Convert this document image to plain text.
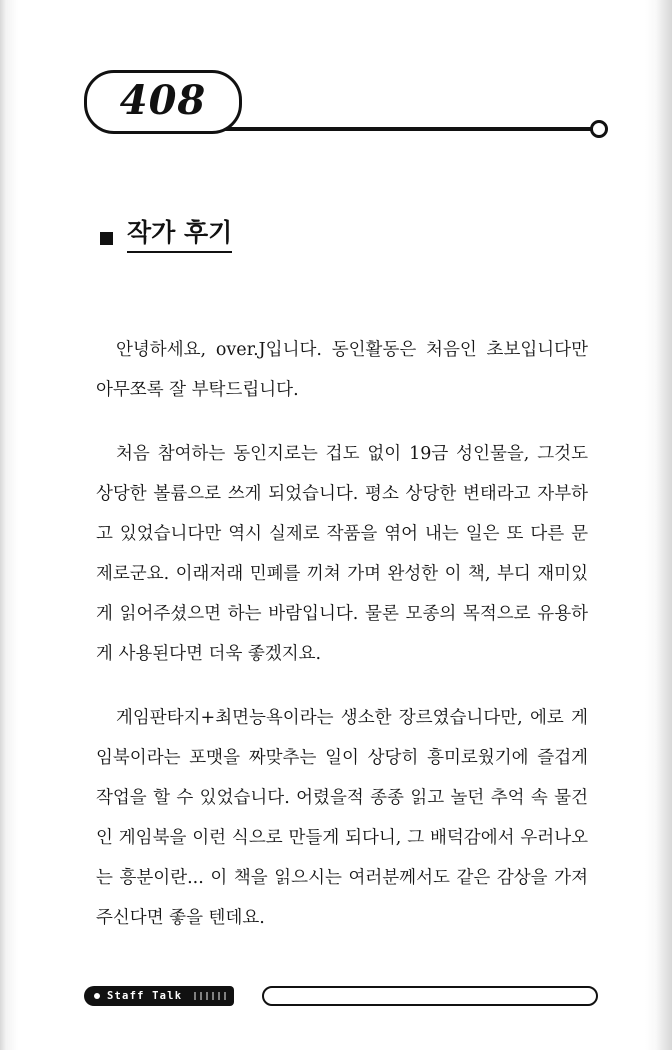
408
작가 후기

안녕하세요, over.J입니다. 동인활동은 처음인 초보입니다만 아무쪼록 잘 부탁드립니다.

처음 참여하는 동인지로는 겁도 없이 19금 성인물을, 그것도 상당한 볼륨으로 쓰게 되었습니다. 평소 상당한 변태라고 자부하고 있었습니다만 역시 실제로 작품을 엮어 내는 일은 또 다른 문제로군요. 이래저래 민폐를 끼쳐 가며 완성한 이 책, 부디 재미있게 읽어주셨으면 하는 바람입니다. 물론 모종의 목적으로 유용하게 사용된다면 더욱 좋겠지요.

게임판타지+최면능욕이라는 생소한 장르였습니다만, 에로 게임북이라는 포맷을 짜맞추는 일이 상당히 흥미로웠기에 즐겁게 작업을 할 수 있었습니다. 어렸을적 종종 읽고 놀던 추억 속 물건인 게임북을 이런 식으로 만들게 되다니, 그 배덕감에서 우러나오는 흥분이란... 이 책을 읽으시는 여러분께서도 같은 감상을 가져주신다면 좋을 텐데요.

Staff Talk
